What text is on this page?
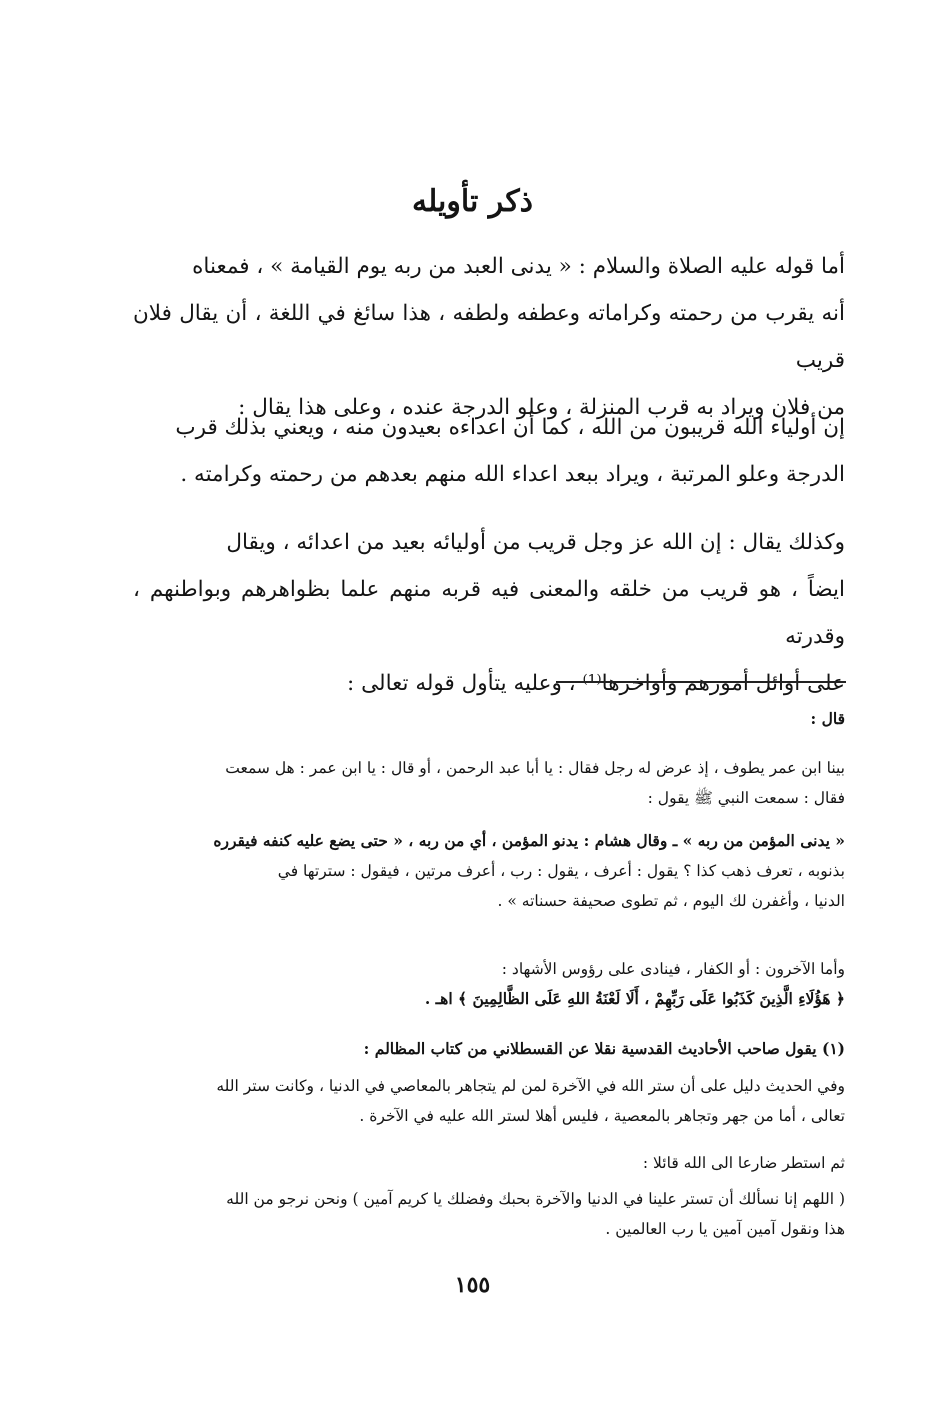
ذكر تأويله

أما قوله عليه الصلاة والسلام : « يدنى العبد من ربه يوم القيامة » ، فمعناه
أنه يقرب من رحمته وكراماته وعطفه ولطفه ، هذا سائغ في اللغة ، أن يقال فلان قريب
من فلان ويراد به قرب المنزلة ، وعلو الدرجة عنده ، وعلى هذا يقال :

إن أولياء الله قريبون من الله ، كما أن اعداءه بعيدون منه ، ويعني بذلك قرب
الدرجة وعلو المرتبة ، ويراد ببعد اعداء الله منهم بعدهم من رحمته وكرامته .

وكذلك يقال : إن الله عز وجل قريب من أوليائه بعيد من اعدائه ، ويقال
ايضاً ، هو قريب من خلقه والمعنى فيه قربه منهم علما بظواهرهم وبواطنهم ، وقدرته
على أوائل أمورهم وأواخرها⁽¹⁾ ، وعليه يتأول قوله تعالى :

قال :

بينا ابن عمر يطوف ، إذ عرض له رجل فقال : يا أبا عبد الرحمن ، أو قال : يا ابن عمر : هل سمعت
فقال : سمعت النبي ﷺ يقول :

« يدنى المؤمن من ربه » ـ وقال هشام : يدنو المؤمن ، أي من ربه ، « حتى يضع عليه كنفه فيقرره
بذنوبه ، تعرف ذهب كذا ؟ يقول : أعرف ، يقول : رب ، أعرف مرتين ، فيقول : سترتها في
الدنيا ، وأغفرن لك اليوم ، ثم تطوى صحيفة حسناته » .

وأما الآخرون : أو الكفار ، فينادى على رؤوس الأشهاد :
﴿ هَؤُلَاءِ الَّذِينَ كَذَبُوا عَلَى رَبِّهِمْ ، أَلَا لَعْنَةُ اللهِ عَلَى الظَّالِمِينَ ﴾ اهـ .

(١) يقول صاحب الأحاديث القدسية نقلا عن القسطلاني من كتاب المظالم :

وفي الحديث دليل على أن ستر الله في الآخرة لمن لم يتجاهر بالمعاصي في الدنيا ، وكانت ستر الله
تعالى ، أما من جهر وتجاهر بالمعصية ، فليس أهلا لستر الله عليه في الآخرة .

ثم استطر ضارعا الى الله قائلا :

( اللهم إنا نسألك أن تستر علينا في الدنيا والآخرة بحبك وفضلك يا كريم آمين ) ونحن نرجو من الله
هذا ونقول آمين آمين يا رب العالمين .

١٥٥
